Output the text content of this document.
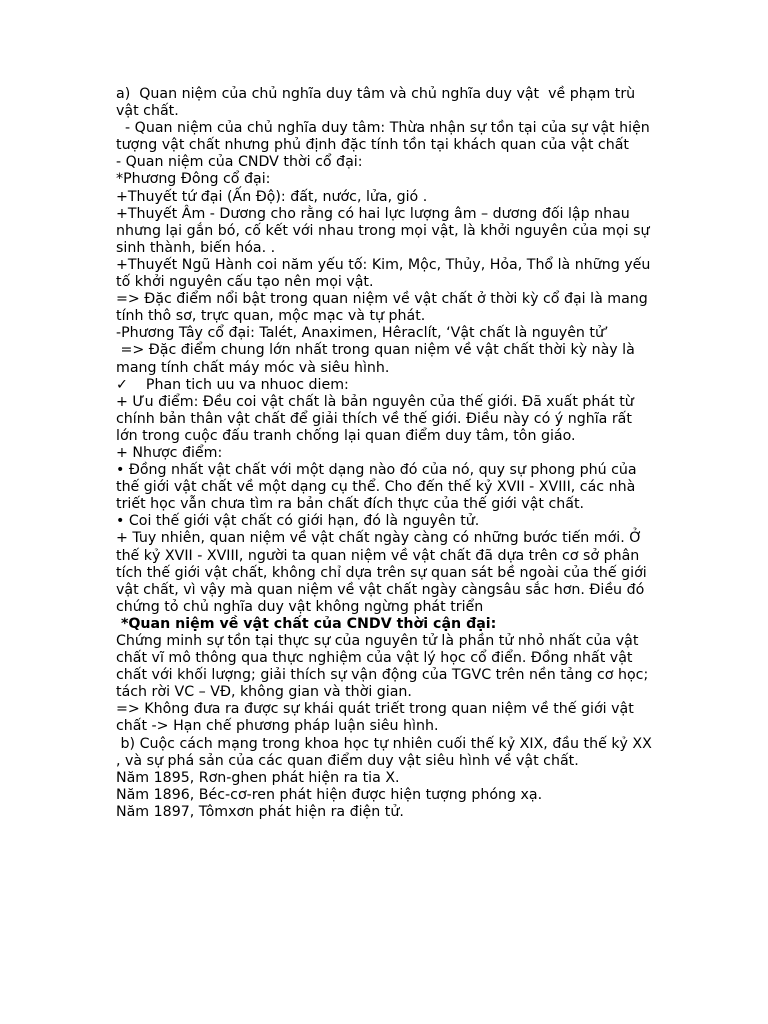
a)  Quan niệm của chủ nghĩa duy tâm và chủ nghĩa duy vật  về phạm trù vật chất.

- Quan niệm của chủ nghĩa duy tâm: Thừa nhận sự tồn tại của sự vật hiện tượng vật chất nhưng phủ định đặc tính tồn tại khách quan của vật chất

- Quan niệm của CNDV thời cổ đại:

*Phương Đông cổ đại:

+Thuyết tứ đại (Ấn Độ): đất, nước, lửa, gió .

+Thuyết Âm - Dương cho rằng có hai lực lượng âm – dương đối lập nhau nhưng lại gắn bó, cố kết với nhau trong mọi vật, là khởi nguyên của mọi sự sinh thành, biến hóa. .

+Thuyết Ngũ Hành coi năm yếu tố: Kim, Mộc, Thủy, Hỏa, Thổ là những yếu tố khởi nguyên cấu tạo nên mọi vật.

=> Đặc điểm nổi bật trong quan niệm về vật chất ở thời kỳ cổ đại là mang tính thô sơ, trực quan, mộc mạc và tự phát.

-Phương Tây cổ đại: Talét, Anaximen, Hêraclít, ‘Vật chất là nguyên tử’

=> Đặc điểm chung lớn nhất trong quan niệm về vật chất thời kỳ này là mang tính chất máy móc và siêu hình.

✓    Phan tich uu va nhuoc diem:

+ Ưu điểm: Đều coi vật chất là bản nguyên của thế giới. Đã xuất phát từ chính bản thân vật chất để giải thích về thế giới. Điều này có ý nghĩa rất lớn trong cuộc đấu tranh chống lại quan điểm duy tâm, tôn giáo.

+ Nhược điểm:

• Đồng nhất vật chất với một dạng nào đó của nó, quy sự phong phú của thế giới vật chất về một dạng cụ thể. Cho đến thế kỷ XVII - XVIII, các nhà triết học vẫn chưa tìm ra bản chất đích thực của thế giới vật chất.

• Coi thế giới vật chất có giới hạn, đó là nguyên tử.

+ Tuy nhiên, quan niệm về vật chất ngày càng có những bước tiến mới. Ở thế kỷ XVII - XVIII, người ta quan niệm về vật chất đã dựa trên cơ sở phân tích thế giới vật chất, không chỉ dựa trên sự quan sát bề ngoài của thế giới vật chất, vì vậy mà quan niệm về vật chất ngày càngsâu sắc hơn. Điều đó chứng tỏ chủ nghĩa duy vật không ngừng phát triển

*Quan niệm về vật chất của CNDV thời cận đại:

Chứng minh sự tồn tại thực sự của nguyên tử là phần tử nhỏ nhất của vật chất vĩ mô thông qua thực nghiệm của vật lý học cổ điển. Đồng nhất vật chất với khối lượng; giải thích sự vận động của TGVC trên nền tảng cơ học; tách rời VC – VĐ, không gian và thời gian.

=> Không đưa ra được sự khái quát triết trong quan niệm về thế giới vật chất -> Hạn chế phương pháp luận siêu hình.

b) Cuộc cách mạng trong khoa học tự nhiên cuối thế kỷ XIX, đầu thế kỷ XX , và sự phá sản của các quan điểm duy vật siêu hình về vật chất.

Năm 1895, Rơn-ghen phát hiện ra tia X.

Năm 1896, Béc-cơ-ren phát hiện được hiện tượng phóng xạ.

Năm 1897, Tômxơn phát hiện ra điện tử.
